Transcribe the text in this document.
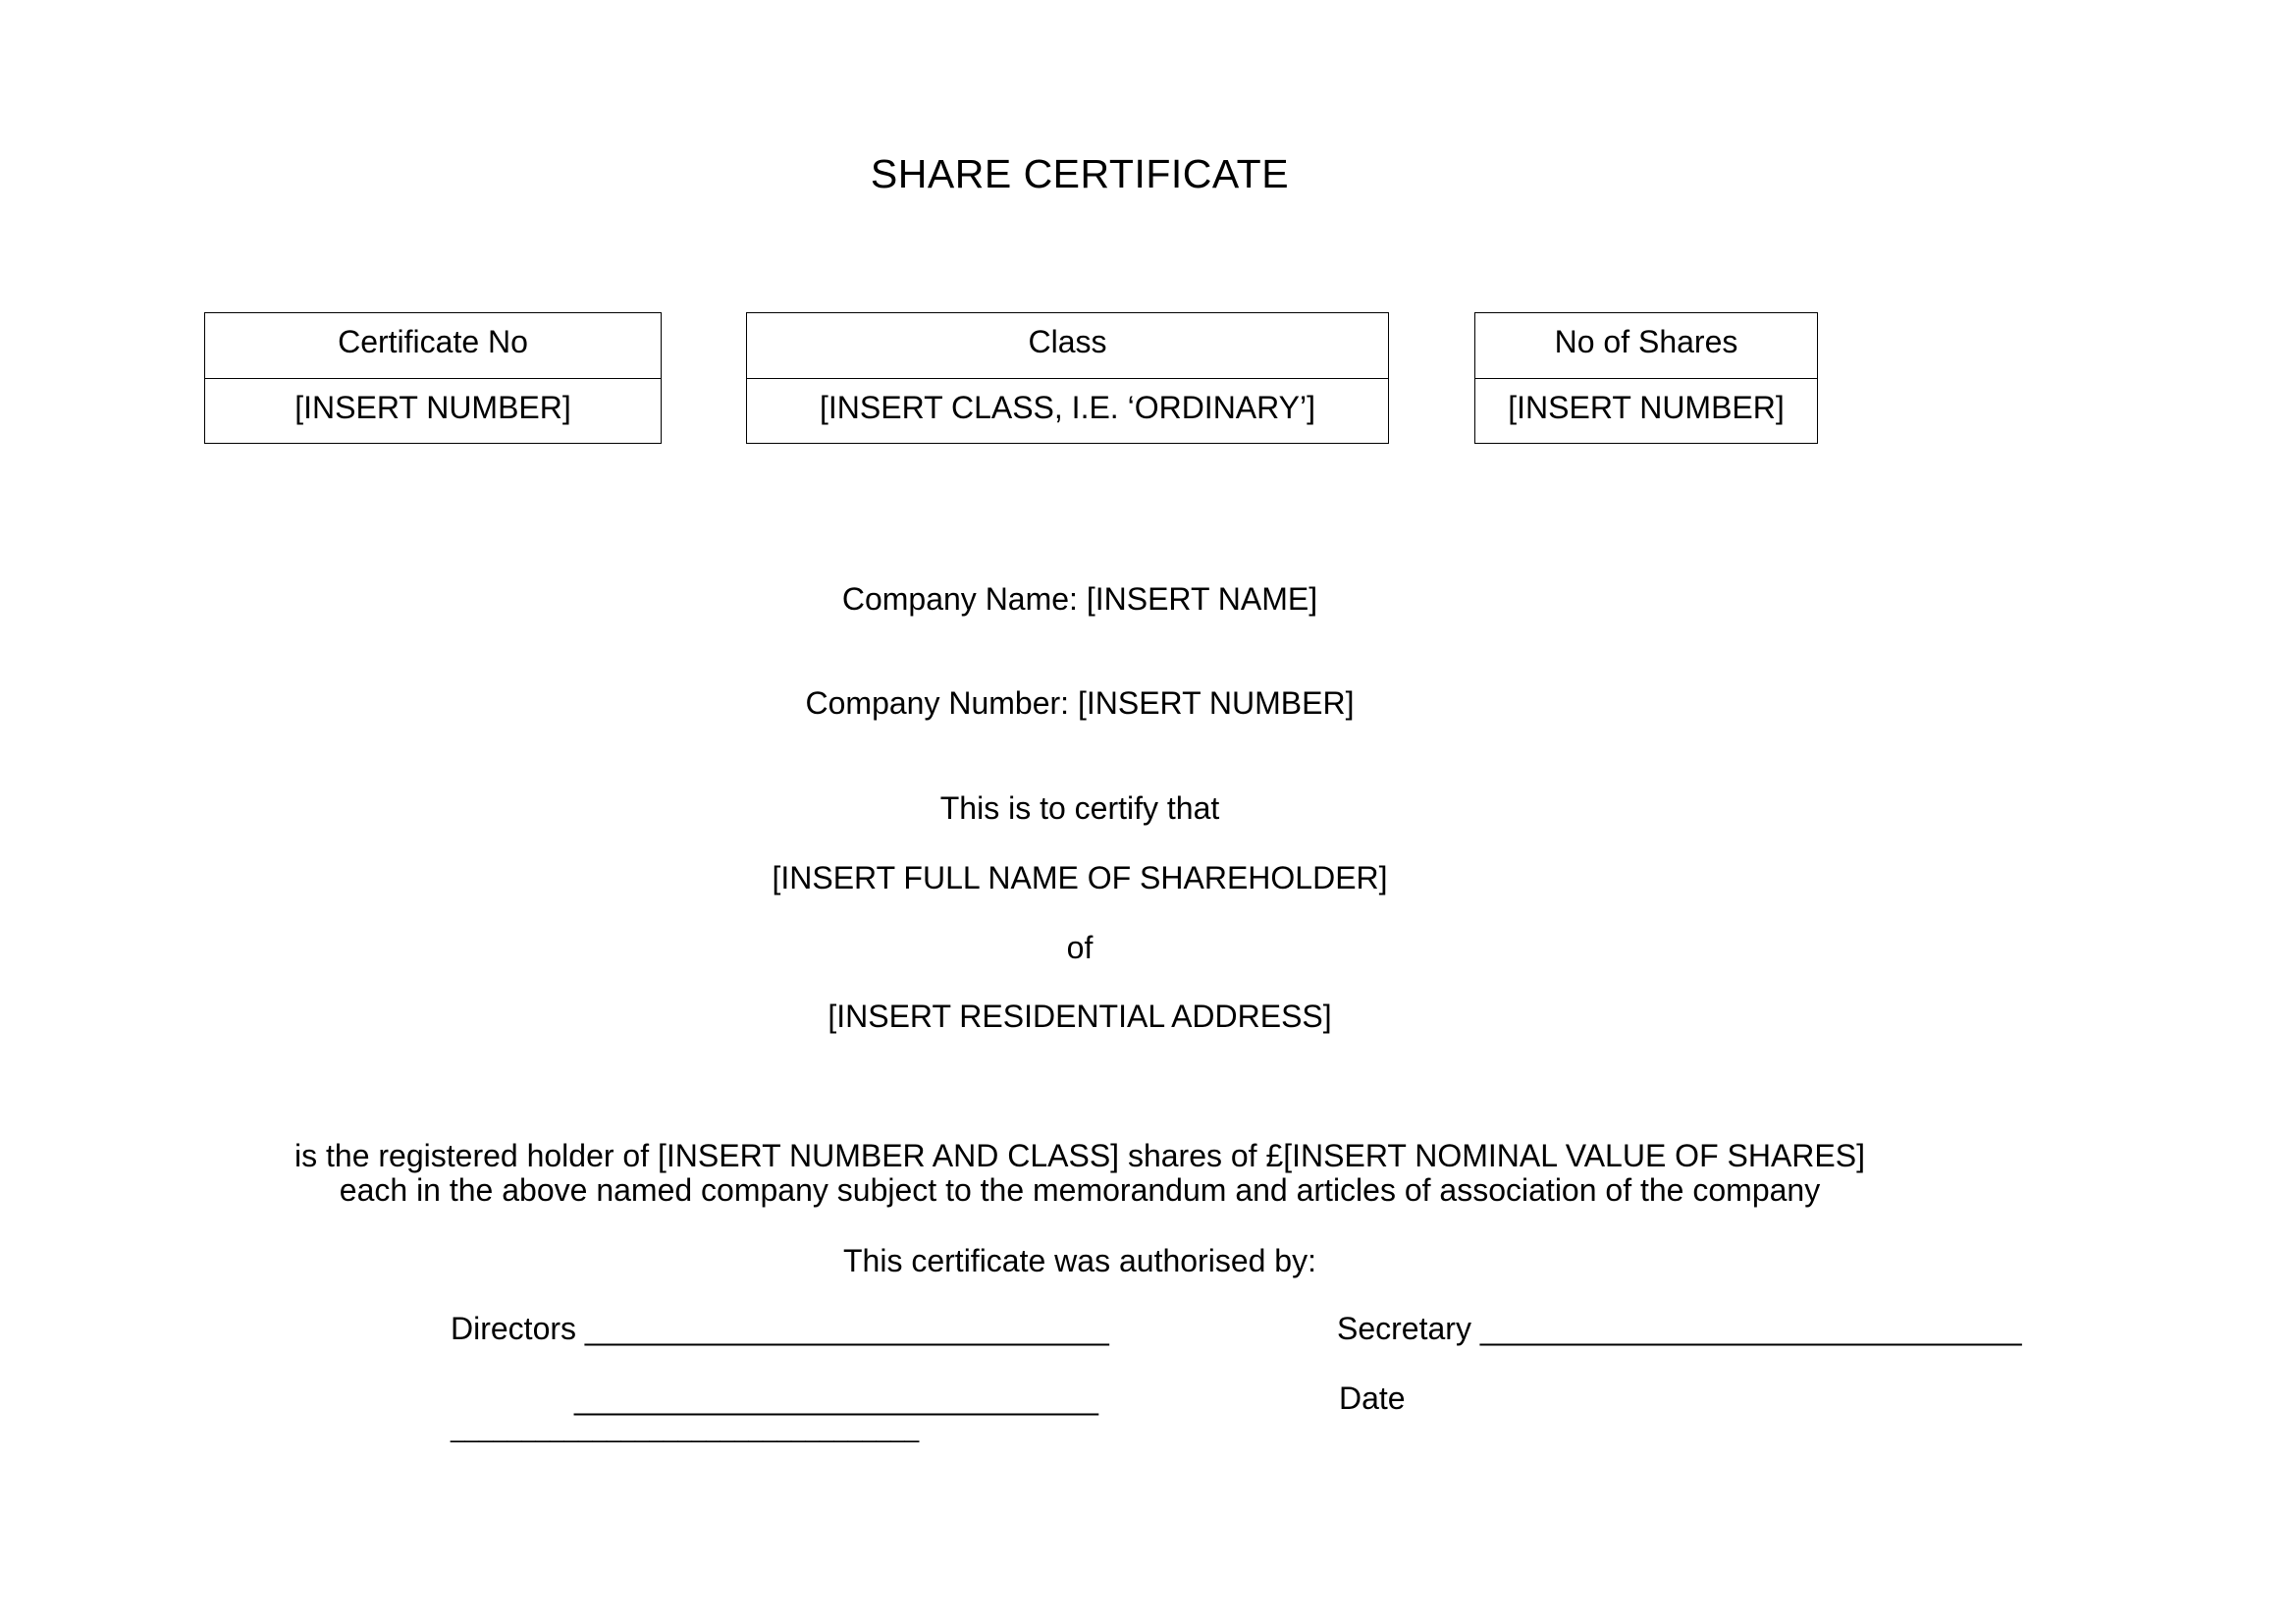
SHARE CERTIFICATE
Certificate No
[INSERT NUMBER]
Class
[INSERT CLASS, I.E. ‘ORDINARY’]
No of Shares
[INSERT NUMBER]
Company Name: [INSERT NAME]
Company Number: [INSERT NUMBER]
This is to certify that
[INSERT FULL NAME OF SHAREHOLDER]
of
[INSERT RESIDENTIAL ADDRESS]
is the registered holder of [INSERT NUMBER AND CLASS] shares of £[INSERT NOMINAL VALUE OF SHARES]
each in the above named company subject to the memorandum and articles of association of the company
This certificate was authorised by:
Directors ______________________________
______________________________
_________________________________
Secretary _______________________________
Date
